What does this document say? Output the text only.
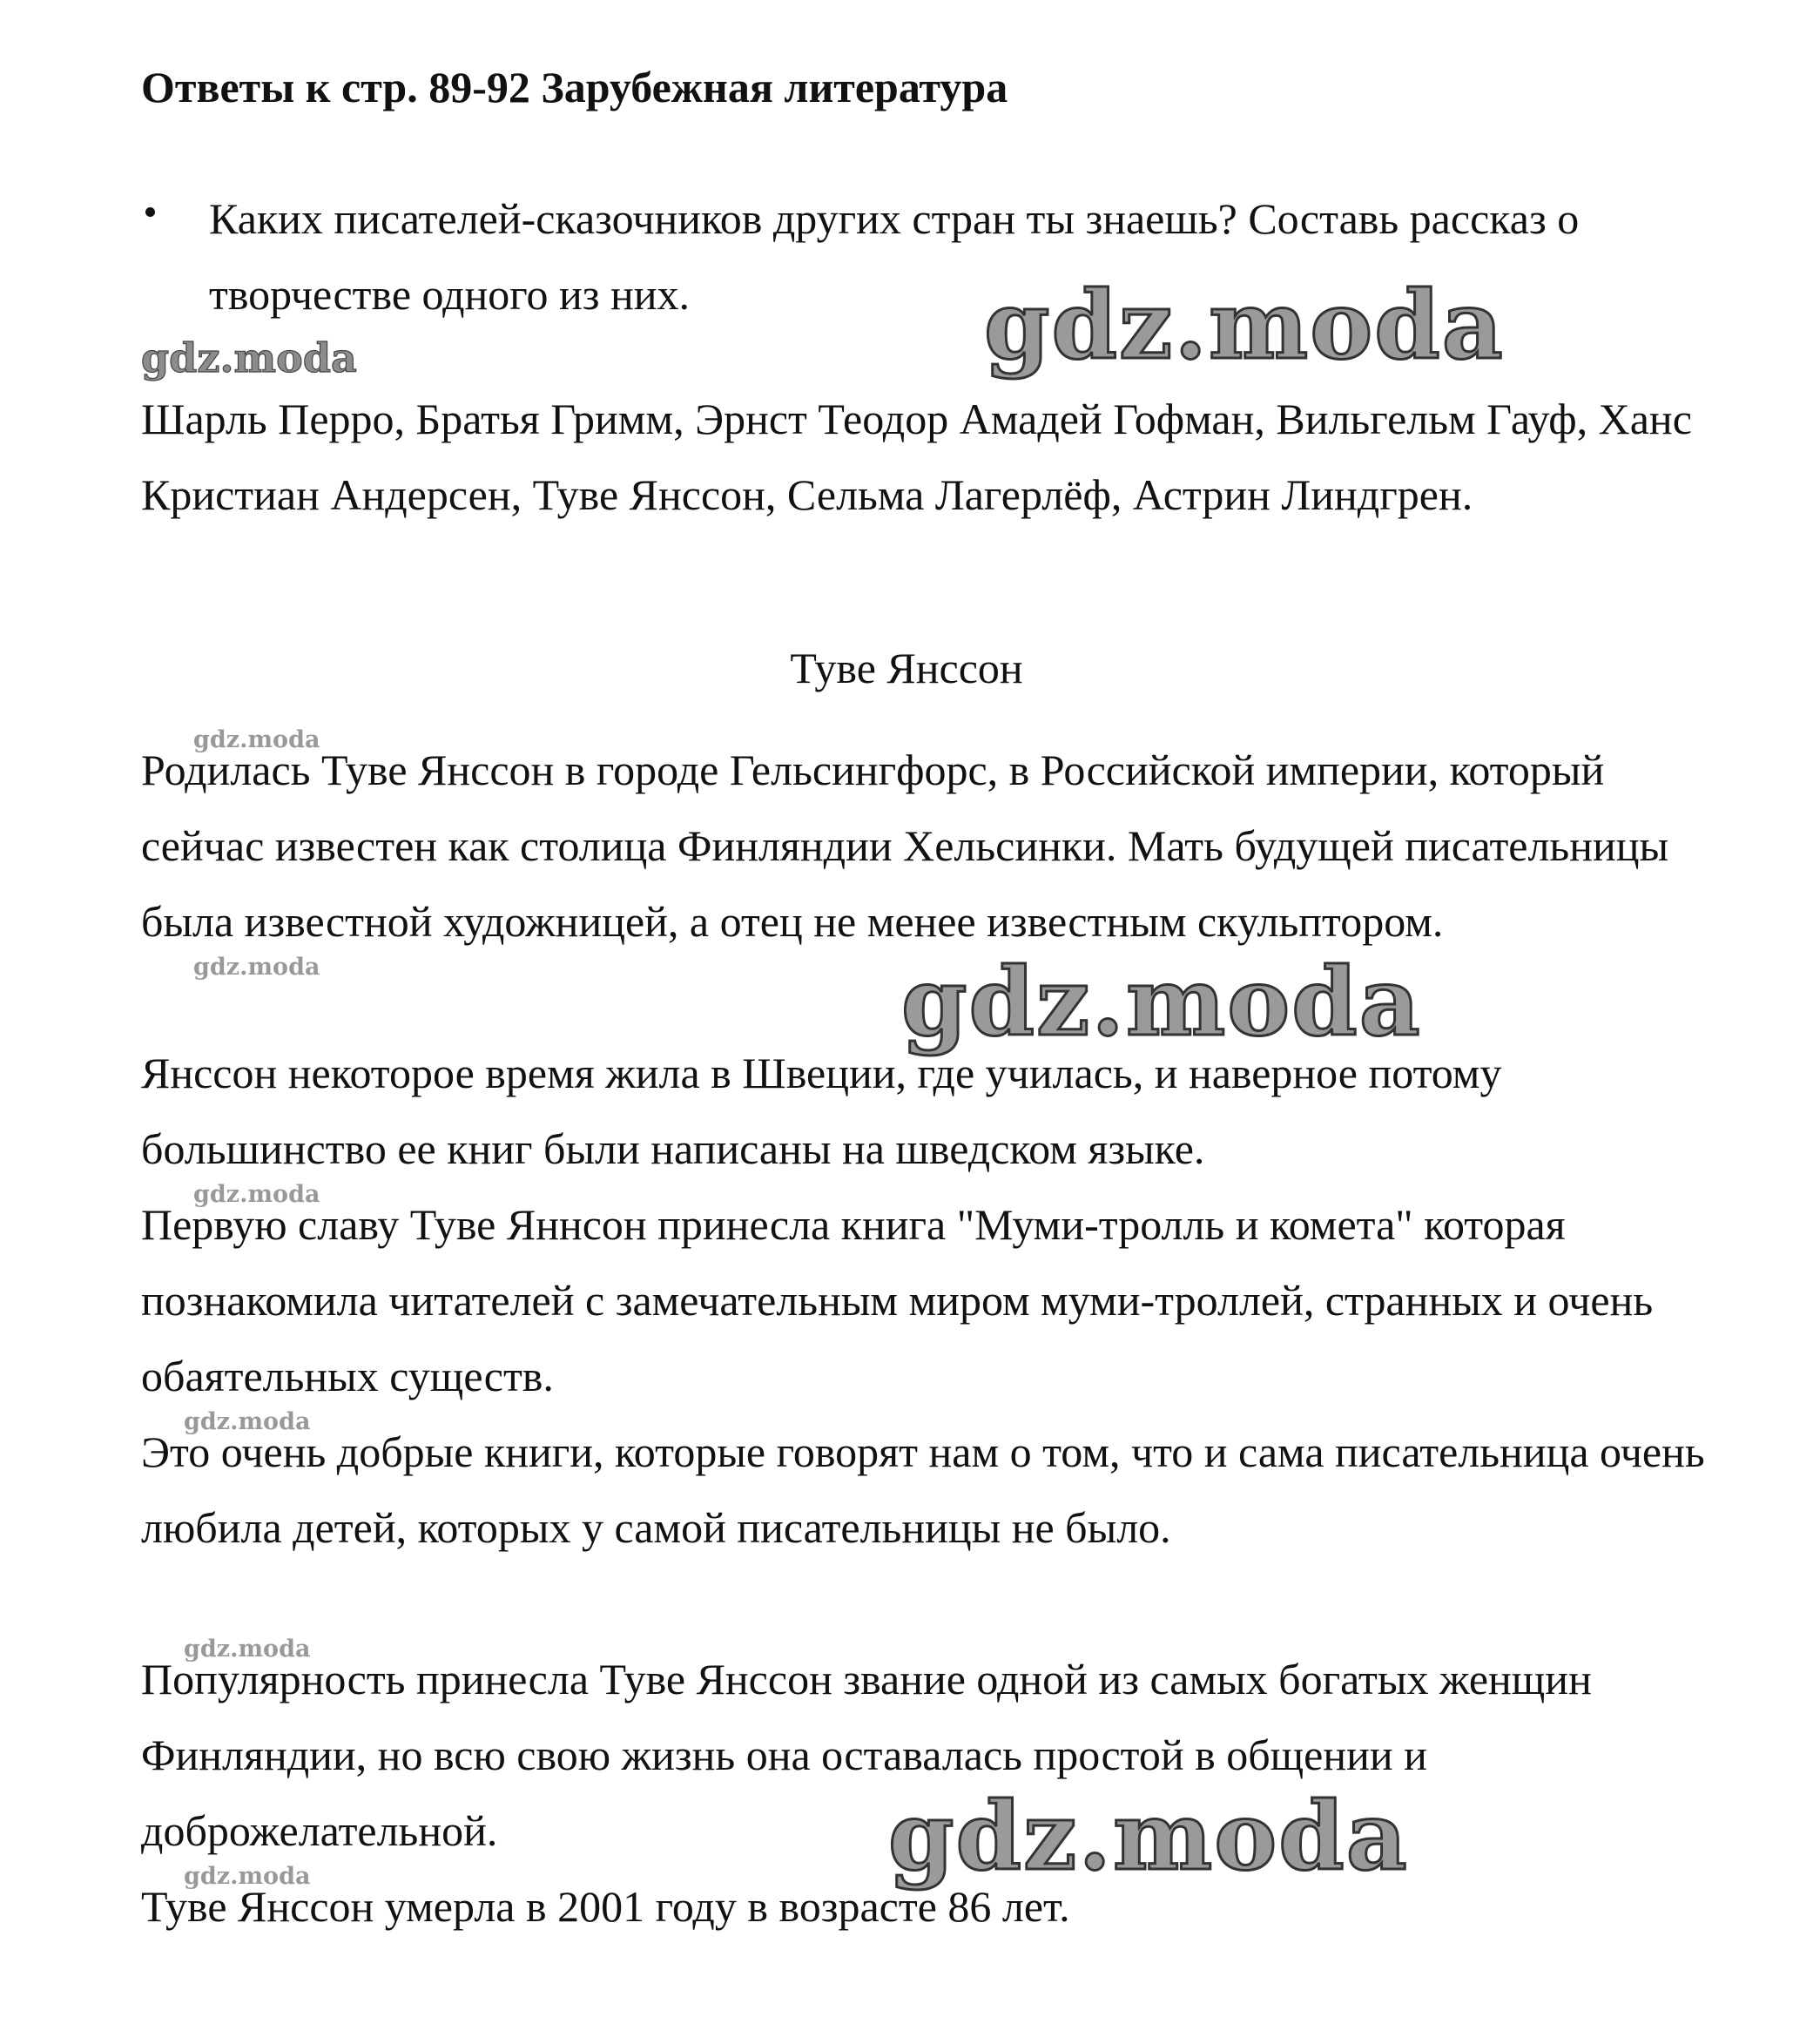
Ответы к стр. 89-92 Зарубежная литература
Каких писателей-сказочников других стран ты знаешь? Составь рассказ о творчестве одного из них.
Шарль Перро, Братья Гримм, Эрнст Теодор Амадей Гофман, Вильгельм Гауф, Ханс Кристиан Андерсен, Туве Янссон, Сельма Лагерлёф, Астрин Линдгрен.
Туве Янссон
Родилась Туве Янссон в городе Гельсингфорс, в Российской империи, который сейчас известен как столица Финляндии Хельсинки. Мать будущей писательницы была известной художницей, а отец не менее известным скульптором.
Янссон некоторое время жила в Швеции, где училась, и наверное потому большинство ее книг были написаны на шведском языке.
Первую славу Туве Яннсон принесла книга "Муми-тролль и комета" которая познакомила читателей с замечательным миром муми-троллей, странных и очень обаятельных существ.
Это очень добрые книги, которые говорят нам о том, что и сама писательница очень любила детей, которых у самой писательницы не было.
Популярность принесла Туве Янссон звание одной из самых богатых женщин Финляндии, но всю свою жизнь она оставалась простой в общении и доброжелательной.
Туве Янссон умерла в 2001 году в возрасте 86 лет.
gdz.moda
gdz.moda
gdz.moda
gdz.moda
gdz.moda
gdz.moda
gdz.moda
gdz.moda
gdz.moda
gdz.moda
